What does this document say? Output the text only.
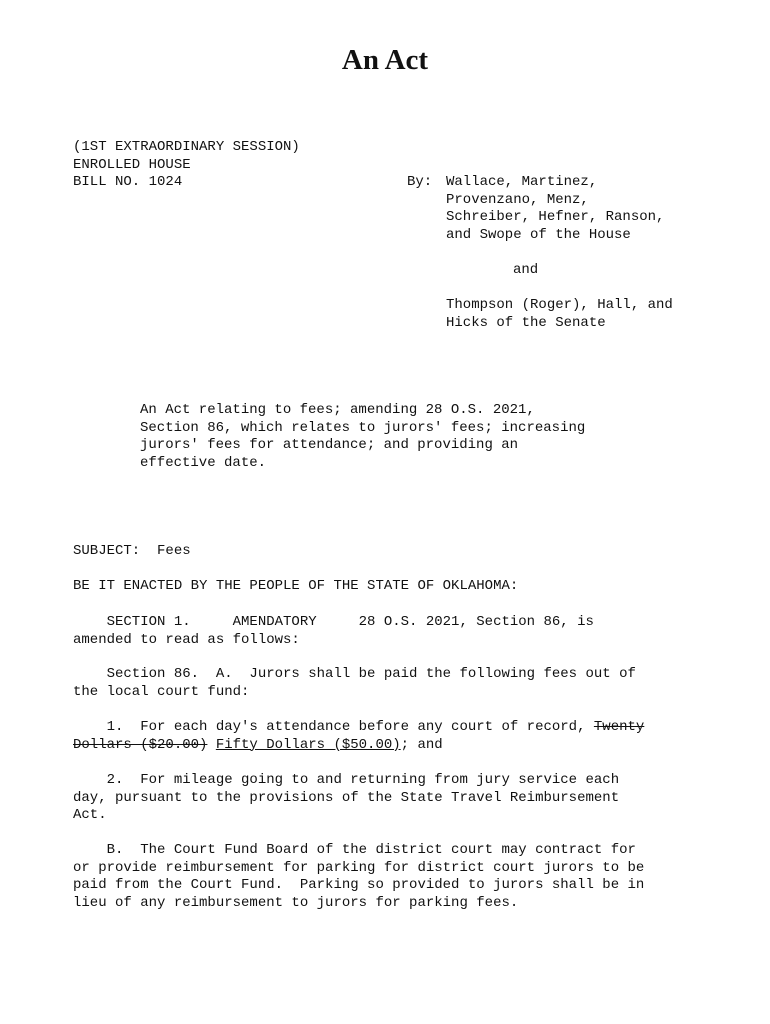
An Act
(1ST EXTRAORDINARY SESSION)
ENROLLED HOUSE
BILL NO. 1024	By: Wallace, Martinez,
Provenzano, Menz,
Schreiber, Hefner, Ranson,
and Swope of the House
and
Thompson (Roger), Hall, and
Hicks of the Senate
An Act relating to fees; amending 28 O.S. 2021,
Section 86, which relates to jurors' fees; increasing
jurors' fees for attendance; and providing an
effective date.
SUBJECT:  Fees
BE IT ENACTED BY THE PEOPLE OF THE STATE OF OKLAHOMA:
SECTION 1.     AMENDATORY     28 O.S. 2021, Section 86, is
amended to read as follows:
Section 86.  A.  Jurors shall be paid the following fees out of
the local court fund:
1.  For each day's attendance before any court of record, Twenty
Dollars ($20.00) Fifty Dollars ($50.00); and
2.  For mileage going to and returning from jury service each
day, pursuant to the provisions of the State Travel Reimbursement
Act.
B.  The Court Fund Board of the district court may contract for
or provide reimbursement for parking for district court jurors to be
paid from the Court Fund.  Parking so provided to jurors shall be in
lieu of any reimbursement to jurors for parking fees.
